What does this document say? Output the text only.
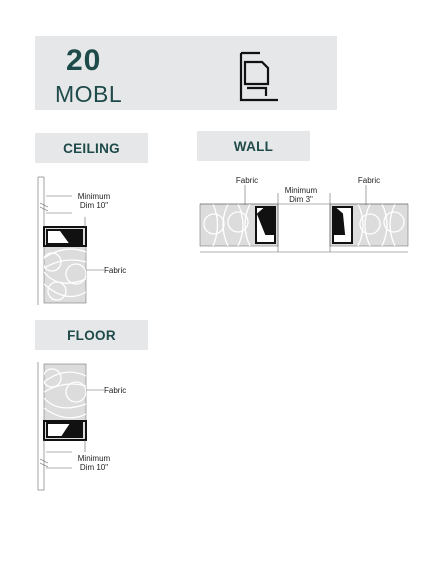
20
MOBL
CEILING	WALL
FLOOR
Minimum
Dim 10"
Fabric
Fabric
Minimum
Dim 3"
Fabric
Fabric
Minimum
Dim 10"
